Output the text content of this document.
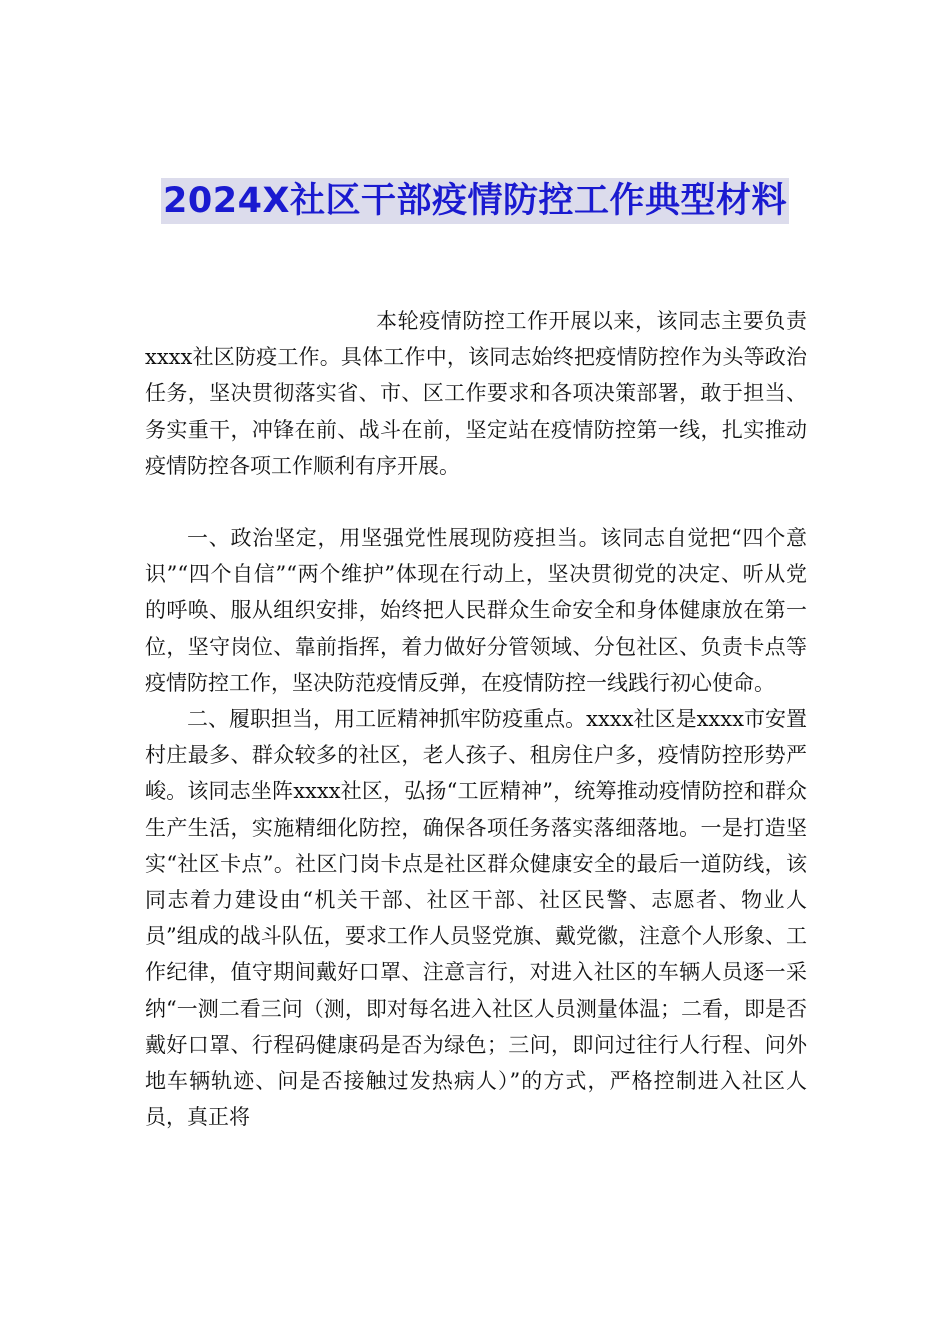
2024X社区干部疫情防控工作典型材料

本轮疫情防控工作开展以来，该同志主要负责xxxx社区防疫工作。具体工作中，该同志始终把疫情防控作为头等政治任务，坚决贯彻落实省、市、区工作要求和各项决策部署，敢于担当、务实重干，冲锋在前、战斗在前，坚定站在疫情防控第一线，扎实推动疫情防控各项工作顺利有序开展。

一、政治坚定，用坚强党性展现防疫担当。该同志自觉把“四个意识”“四个自信”“两个维护”体现在行动上，坚决贯彻党的决定、听从党的呼唤、服从组织安排，始终把人民群众生命安全和身体健康放在第一位，坚守岗位、靠前指挥，着力做好分管领域、分包社区、负责卡点等疫情防控工作，坚决防范疫情反弹，在疫情防控一线践行初心使命。

二、履职担当，用工匠精神抓牢防疫重点。xxxx社区是xxxx市安置村庄最多、群众较多的社区，老人孩子、租房住户多，疫情防控形势严峻。该同志坐阵xxxx社区，弘扬“工匠精神”，统筹推动疫情防控和群众生产生活，实施精细化防控，确保各项任务落实落细落地。一是打造坚实“社区卡点”。社区门岗卡点是社区群众健康安全的最后一道防线，该同志着力建设由“机关干部、社区干部、社区民警、志愿者、物业人员”组成的战斗队伍，要求工作人员竖党旗、戴党徽，注意个人形象、工作纪律，值守期间戴好口罩、注意言行，对进入社区的车辆人员逐一采纳“一测二看三问（测，即对每名进入社区人员测量体温；二看，即是否戴好口罩、行程码健康码是否为绿色；三问，即问过往行人行程、问外地车辆轨迹、问是否接触过发热病人）”的方式，严格控制进入社区人员，真正将
